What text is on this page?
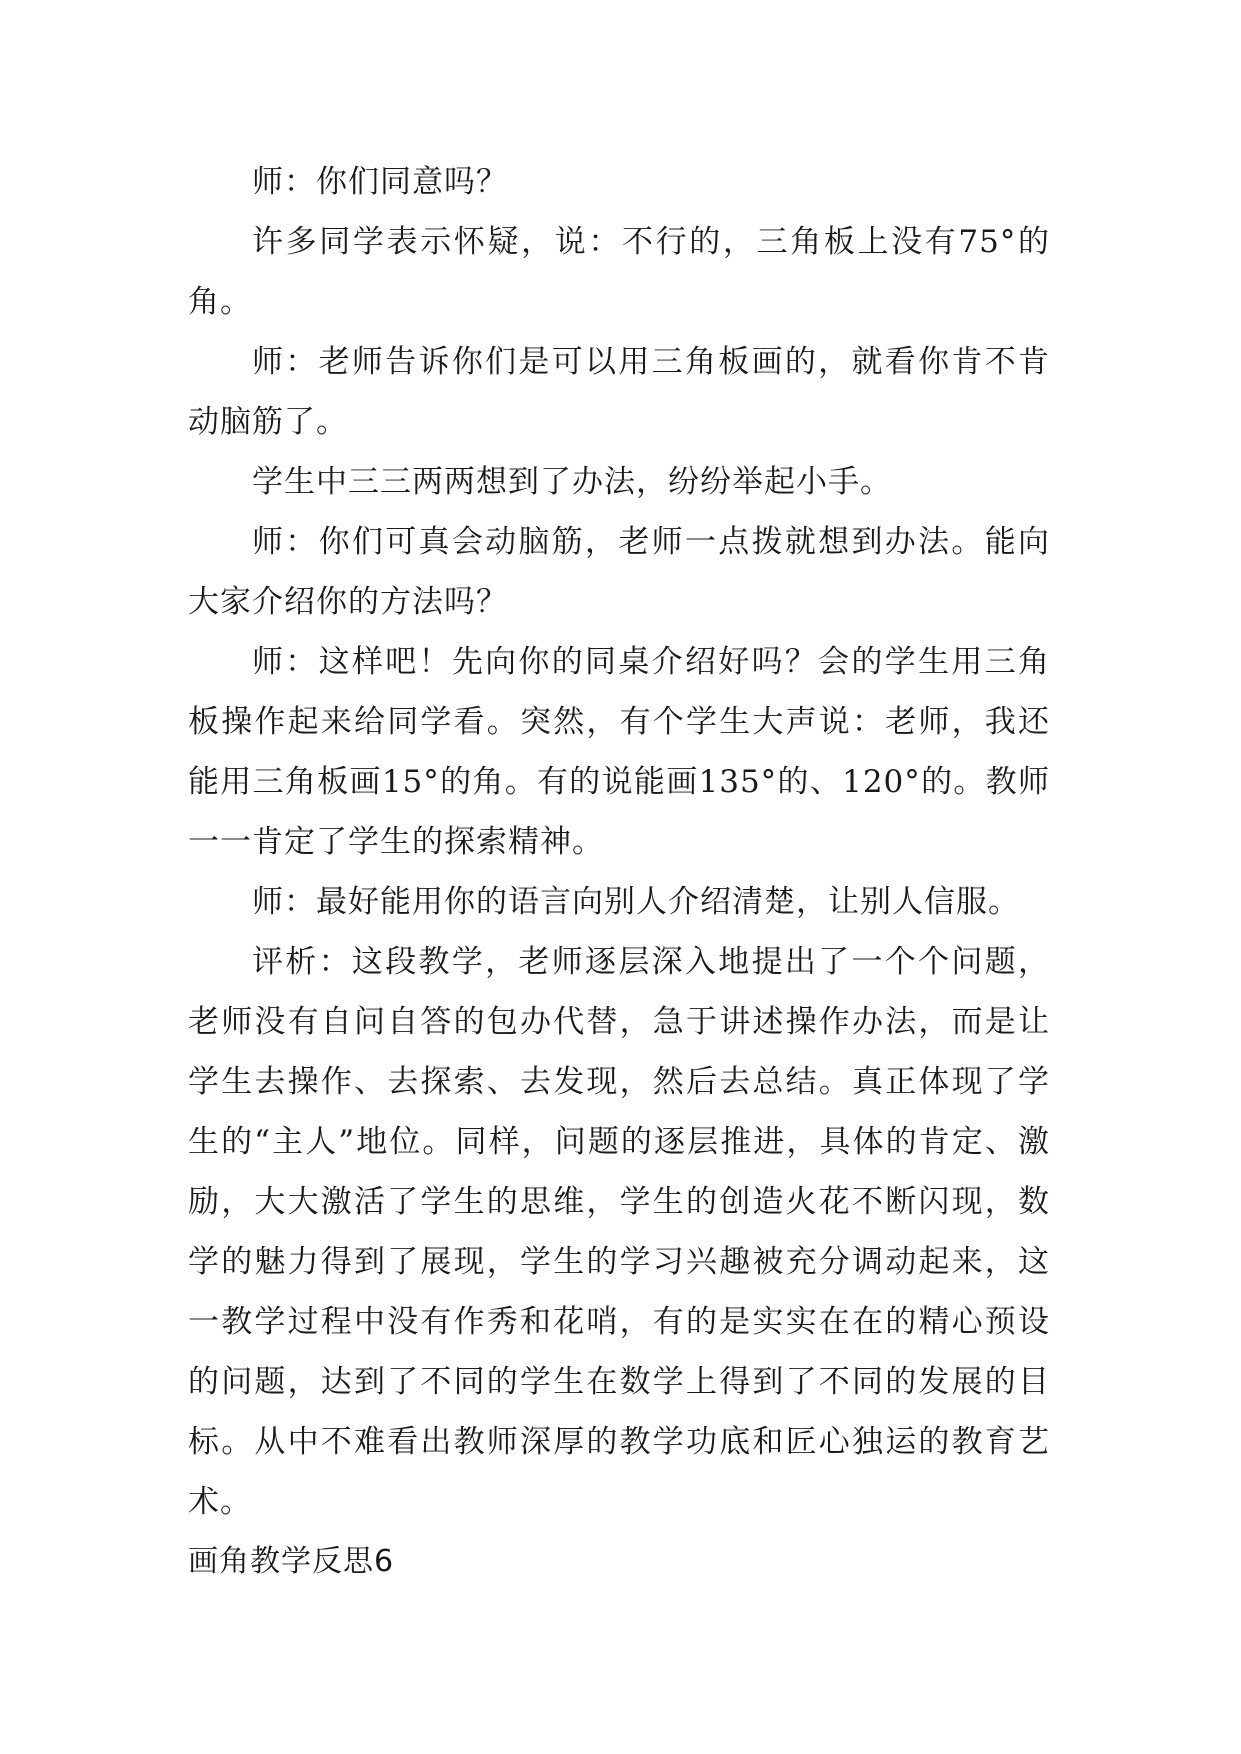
师：你们同意吗？

许多同学表示怀疑，说：不行的，三角板上没有75°的角。

师：老师告诉你们是可以用三角板画的，就看你肯不肯动脑筋了。

学生中三三两两想到了办法，纷纷举起小手。

师：你们可真会动脑筋，老师一点拨就想到办法。能向大家介绍你的方法吗？

师：这样吧！先向你的同桌介绍好吗？会的学生用三角板操作起来给同学看。突然，有个学生大声说：老师，我还能用三角板画15°的角。有的说能画135°的、120°的。教师一一肯定了学生的探索精神。

师：最好能用你的语言向别人介绍清楚，让别人信服。

评析：这段教学，老师逐层深入地提出了一个个问题，老师没有自问自答的包办代替，急于讲述操作办法，而是让学生去操作、去探索、去发现，然后去总结。真正体现了学生的“主人”地位。同样，问题的逐层推进，具体的肯定、激励，大大激活了学生的思维，学生的创造火花不断闪现，数学的魅力得到了展现，学生的学习兴趣被充分调动起来，这一教学过程中没有作秀和花哨，有的是实实在在的精心预设的问题，达到了不同的学生在数学上得到了不同的发展的目标。从中不难看出教师深厚的教学功底和匠心独运的教育艺术。

画角教学反思6
